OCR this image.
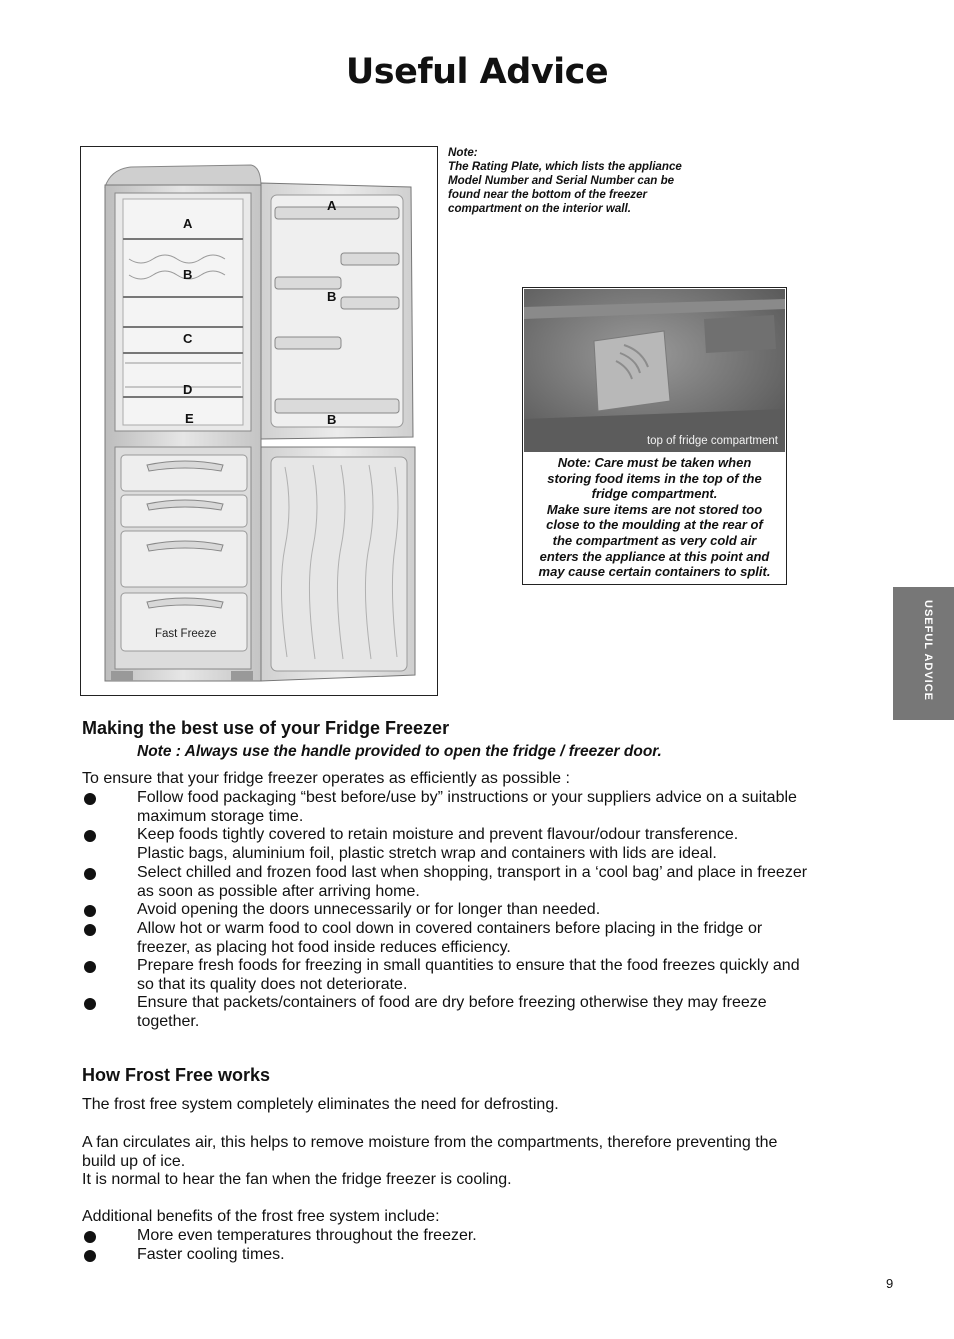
Useful Advice
A
B
C
D
E
A
B
B
Fast Freeze
Note:
The Rating Plate, which lists the appliance
Model Number and Serial Number can be
found near the bottom of the freezer
compartment on the interior wall.
top of fridge compartment
Note: Care must be taken when
storing food items in the top of the
fridge compartment.
Make sure items are not stored too
close to the moulding at the rear of
the compartment as very cold air
enters the appliance at this point and
may cause certain containers to split.
USEFUL ADVICE
Making the best use of your Fridge Freezer
Note : Always use the handle provided to open the fridge / freezer door.
To ensure that your fridge freezer operates as efficiently as possible :
Follow food packaging “best before/use by” instructions or your suppliers advice on a suitable
maximum storage time.
Keep foods tightly covered to retain moisture and prevent flavour/odour transference.
Plastic bags, aluminium foil, plastic stretch wrap and containers with lids are ideal.
Select chilled and frozen food last when shopping, transport in a ‘cool bag’ and place in freezer
as soon as possible after arriving home.
Avoid opening the doors unnecessarily or for longer than needed.
Allow hot or warm food to cool down in covered containers before placing in the fridge or
freezer, as placing hot food inside reduces efficiency.
Prepare fresh foods for freezing in small quantities to ensure that the food freezes quickly and
so that its quality does not deteriorate.
Ensure that packets/containers of food are dry before freezing otherwise they may freeze
together.
How Frost Free works
The frost free system completely eliminates the need for defrosting.
A fan circulates air, this helps to remove moisture from the compartments, therefore preventing the
build up of ice.
It is normal to hear the fan when the fridge freezer is cooling.
Additional benefits of the frost free system include:
More even temperatures throughout the freezer.
Faster cooling times.
9
